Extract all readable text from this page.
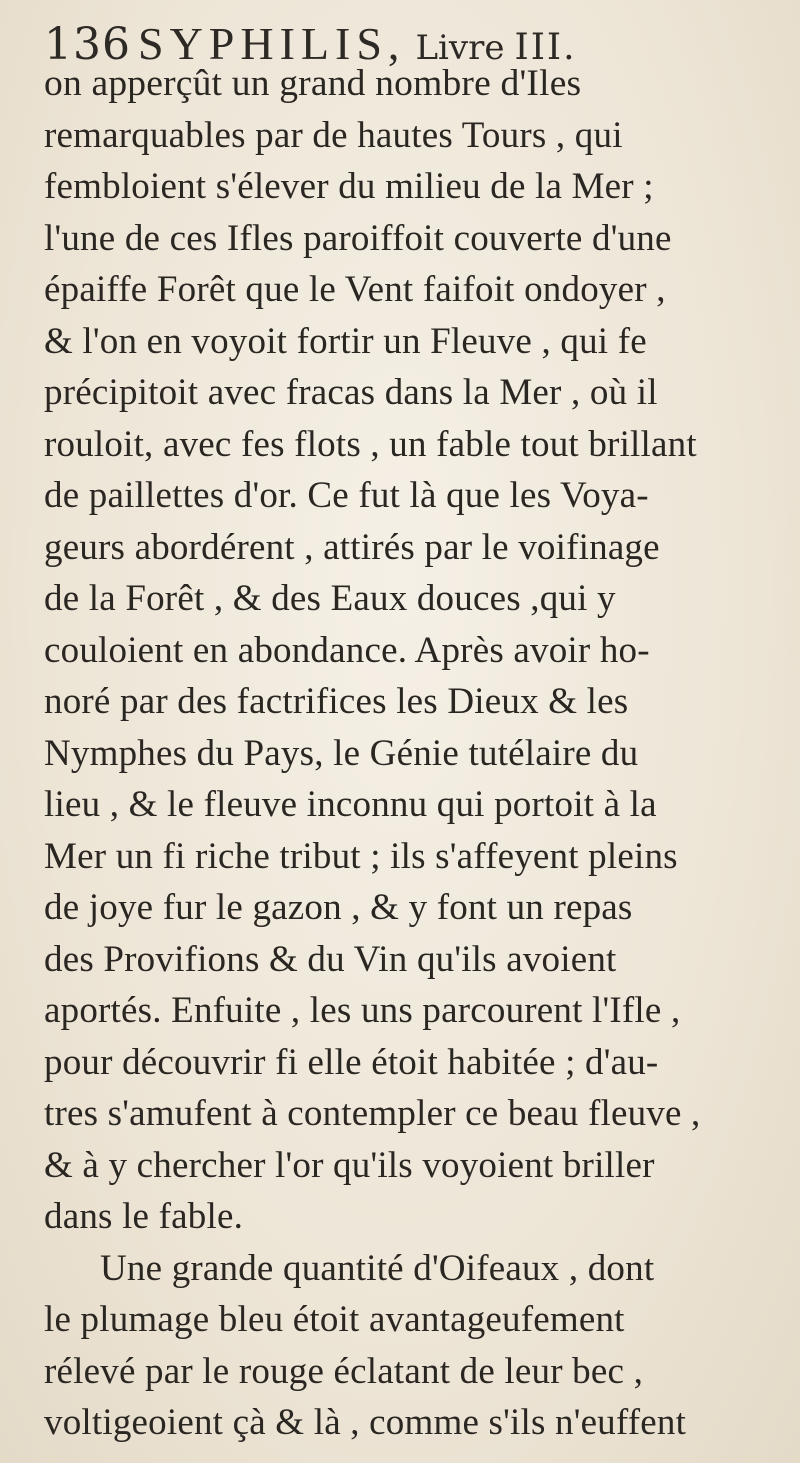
136 SYPHILIS, Livre III.
on apperçût un grand nombre d'Iles
remarquables par de hautes Tours , qui
fembloient s'élever du milieu de la Mer ;
l'une de ces Ifles paroiffoit couverte d'une
épaiffe Forêt que le Vent faifoit ondoyer ,
& l'on en voyoit fortir un Fleuve , qui fe
précipitoit avec fracas dans la Mer , où il
rouloit, avec fes flots , un fable tout brillant
de paillettes d'or. Ce fut là que les Voya-
geurs abordérent , attirés par le voifinage
de la Forêt , & des Eaux douces ,qui y
couloient en abondance. Après avoir ho-
noré par des factrifices les Dieux & les
Nymphes du Pays, le Génie tutélaire du
lieu , & le fleuve inconnu qui portoit à la
Mer un fi riche tribut ; ils s'affeyent pleins
de joye fur le gazon , & y font un repas
des Provifions & du Vin qu'ils avoient
aportés. Enfuite , les uns parcourent l'Ifle ,
pour découvrir fi elle étoit habitée ; d'au-
tres s'amufent à contempler ce beau fleuve ,
& à y chercher l'or qu'ils voyoient briller
dans le fable.
Une grande quantité d'Oifeaux , dont
le plumage bleu étoit avantageufement
rélevé par le rouge éclatant de leur bec ,
voltigeoient çà & là , comme s'ils n'euffent
